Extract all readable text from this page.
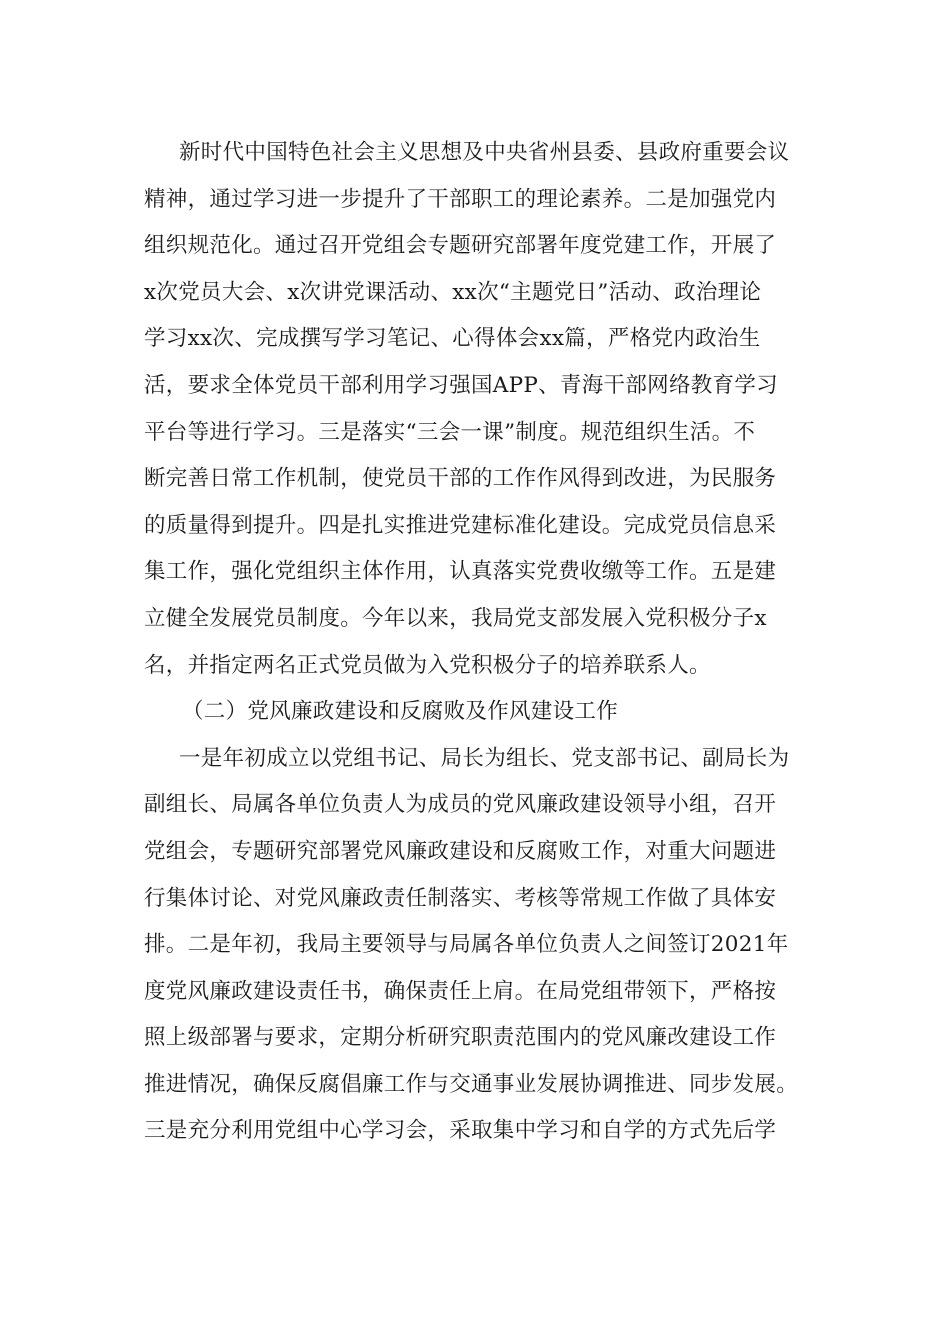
新时代中国特色社会主义思想及中央省州县委、县政府重要会议
精神，通过学习进一步提升了干部职工的理论素养。二是加强党内
组织规范化。通过召开党组会专题研究部署年度党建工作，开展了
x次党员大会、x次讲党课活动、xx次“主题党日”活动、政治理论
学习xx次、完成撰写学习笔记、心得体会xx篇，严格党内政治生
活，要求全体党员干部利用学习强国APP、青海干部网络教育学习
平台等进行学习。三是落实“三会一课”制度。规范组织生活。不
断完善日常工作机制，使党员干部的工作作风得到改进，为民服务
的质量得到提升。四是扎实推进党建标准化建设。完成党员信息采
集工作，强化党组织主体作用，认真落实党费收缴等工作。五是建
立健全发展党员制度。今年以来，我局党支部发展入党积极分子x
名，并指定两名正式党员做为入党积极分子的培养联系人。
（二）党风廉政建设和反腐败及作风建设工作
一是年初成立以党组书记、局长为组长、党支部书记、副局长为
副组长、局属各单位负责人为成员的党风廉政建设领导小组，召开
党组会，专题研究部署党风廉政建设和反腐败工作，对重大问题进
行集体讨论、对党风廉政责任制落实、考核等常规工作做了具体安
排。二是年初，我局主要领导与局属各单位负责人之间签订2021年
度党风廉政建设责任书，确保责任上肩。在局党组带领下，严格按
照上级部署与要求，定期分析研究职责范围内的党风廉改建设工作
推进情况，确保反腐倡廉工作与交通事业发展协调推进、同步发展。
三是充分利用党组中心学习会，采取集中学习和自学的方式先后学
